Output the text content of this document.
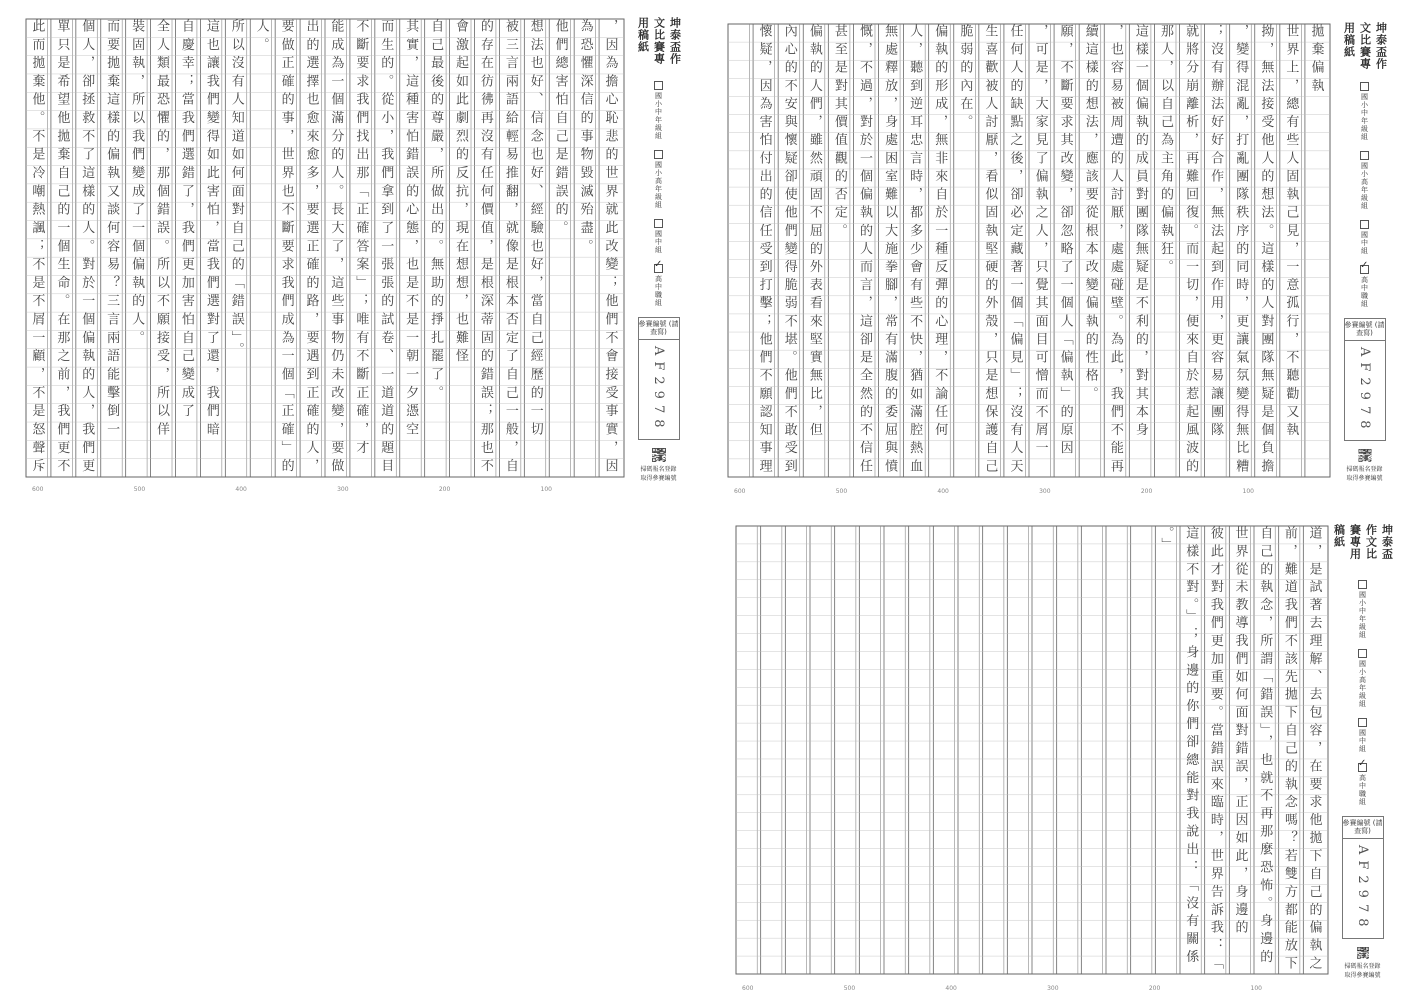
坤泰盃作文比賽專用稿紙
國小中年級組
國小高年級組
國中組
✓
高中職組
參賽編號 (請查寫)
AF2978
掃碼報名登錄
取得參賽編號
600	500	400	300	200	100
，因為擔心恥悲的世界就此改變；他們不會接受事實，因
為恐懼深信的事物毀滅殆盡。
他們總害怕自己是錯誤的。
想法也好、信念也好、經驗也好，當自己經歷的一切
被三言兩語給輕易推翻，就像是根本否定了自己一般，自
的存在彷彿再沒有任何價值，是根深蒂固的錯誤；那也不
會激起如此劇烈的反抗，現在想想，也難怪
自己最後的尊嚴，所做出的。無助的掙扎罷了。
其實，這種害怕錯誤的心態，也是不是一朝一夕憑空
而生的。從小，我們拿到了一張張的試卷、一道道的題目
不斷要求我們找出那「正確答案」；唯有不斷正確，才
能成為一個滿分的人。長大了，這些事物仍未改變，要做
出的選擇也愈來愈多，要選正確的路，要遇到正確的人，
要做正確的事，世界也不斷要求我們成為一個「正確」的
人。
所以沒有人知道如何面對自己的「錯誤」。
這也讓我們變得如此害怕，當我們選對了還，我們暗
自慶幸；當我們選錯了，我們更加害怕自己變成了
全人類最恐懼的，那個錯誤。所以不願接受，所以佯
裝固執，所以我們變成了一個偏執的人。
而要拋棄這樣的偏執又談何容易？三言兩語能擊倒一
個人，卻拯救不了這樣的人。對於一個偏執的人，我們更
單只是希望他拋棄自己的一個生命。在那之前，我們更不
此而拋棄他。不是冷嘲熱諷；不是不屑一顧，不是怒聲斥
坤泰盃作文比賽專用稿紙
國小中年級組
國小高年級組
國中組
✓
高中職組
參賽編號 (請查寫)
AF2978
掃碼報名登錄
取得參賽編號
600	500	400	300	200	100
拋棄偏執
世界上，總有些人固執己見，一意孤行，不聽勸又執
拗，無法接受他人的想法。這樣的人對團隊無疑是個負擔
，變得混亂，打亂團隊秩序的同時，更讓氣氛變得無比糟
；沒有辦法好好合作，無法起到作用，更容易讓團隊
就將分崩離析，再難回復。而一切，便來自於惹起風波的
那人，以自己為主角的偏執狂。
這樣一個偏執的成員對團隊無疑是不利的，對其本身
，也容易被周遭的人討厭，處處碰壁。為此，我們不能再
續這樣的想法，應該要從根本改變偏執的性格。
願，不斷要求其改變，卻忽略了一個人「偏執」的原因
，可是，大家見了偏執之人，只覺其面目可憎而不屑一
任何人的缺點之後，卻必定藏著一個「偏見」；沒有人天
生喜歡被人討厭，看似固執堅硬的外殼，只是想保護自己
脆弱的內在。
偏執的形成，無非來自於一種反彈的心理，不論任何
人，聽到逆耳忠言時，都多少會有些不快，猶如滿腔熱血
無處釋放，身處困室難以大施拳腳，常有滿腹的委屈與憤
慨，不過，對於一個偏執的人而言，這卻是全然的不信任
甚至是對其價值觀的否定。
偏執的人們，雖然頑固不屈的外表看來堅實無比，但
內心的不安與懷疑卻使他們變得脆弱不堪。他們不敢受到
懷疑，因為害怕付出的信任受到打擊；他們不願認知事理
坤泰盃作文比賽專用稿紙
國小中年級組
國小高年級組
國中組
✓
高中職組
參賽編號 (請查寫)
AF2978
掃碼報名登錄
取得參賽編號
600	500	400	300	200	100
道，是試著去理解、去包容，在要求他拋下自己的偏執之
前，難道我們不該先拋下自己的執念嗎？若雙方都能放下
自己的執念，所謂「錯誤」，也就不再那麼恐怖。身邊的
世界從未教導我們如何面對錯誤，正因如此，身邊的
彼此才對我們更加重要。當錯誤來臨時，世界告訴我：「
這樣不對。」；身邊的你們卻總能對我說出：「沒有關係
。」
